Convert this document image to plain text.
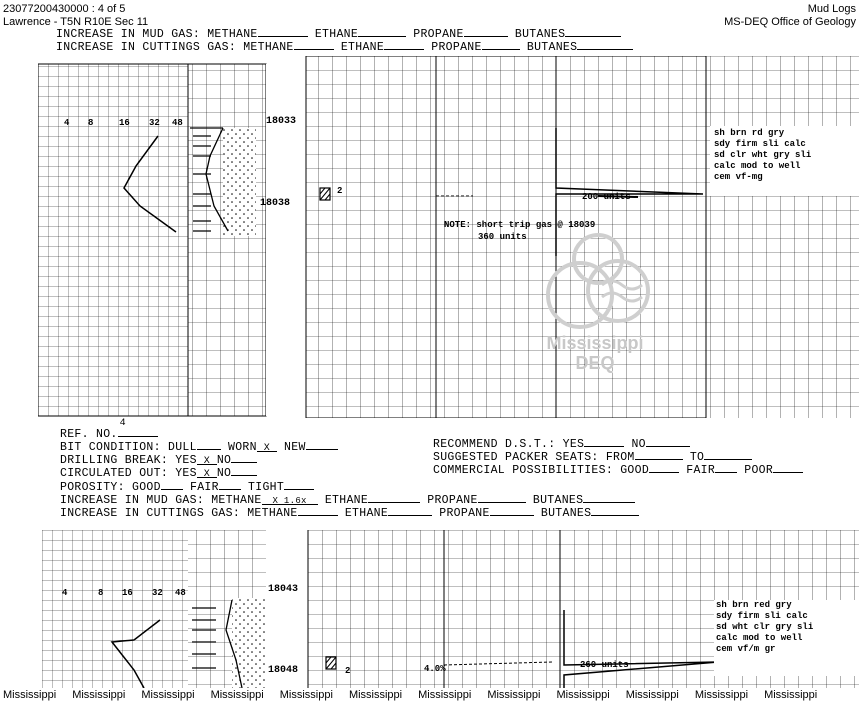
23077200430000 : 4 of 5
Lawrence - T5N R10E Sec 11
Mud Logs
MS-DEQ Office of Geology
INCREASE IN MUD GAS: METHANE	ETHANE	PROPANE	BUTANES
INCREASE IN CUTTINGS GAS: METHANE	ETHANE	PROPANE	BUTANES
4 8	16 32 48	18033
18038
2
200 units
NOTE: short trip gas @ 18039
360 units
sh brn rd gry
sdy firm sli calc
sd clr wht gry sli
calc mod to well
cem vf-mg
Mississippi
DEQ
REF. NO.
4
BIT CONDITION: DULL	WORN X NEW
DRILLING BREAK: YES X NO
CIRCULATED OUT: YES X NO
POROSITY: GOOD	FAIR	TIGHT
INCREASE IN MUD GAS: METHANE X 1.6x ETHANE	PROPANE	BUTANES
INCREASE IN CUTTINGS GAS: METHANE	ETHANE	PROPANE	BUTANES
RECOMMEND D.S.T.: YES	NO
SUGGESTED PACKER SEATS: FROM	TO
COMMERCIAL POSSIBILITIES: GOOD	FAIR	POOR
4	8 16 32 48	18043
18048	2	4.0%	260 units
sh brn red gry
sdy firm sli calc
sd wht clr gry sli
calc mod to well
cem vf/m gr
Mississippi Mississippi Mississippi Mississippi Mississippi Mississippi Mississippi Mississippi Mississippi Mississippi Mississippi Mississippi
